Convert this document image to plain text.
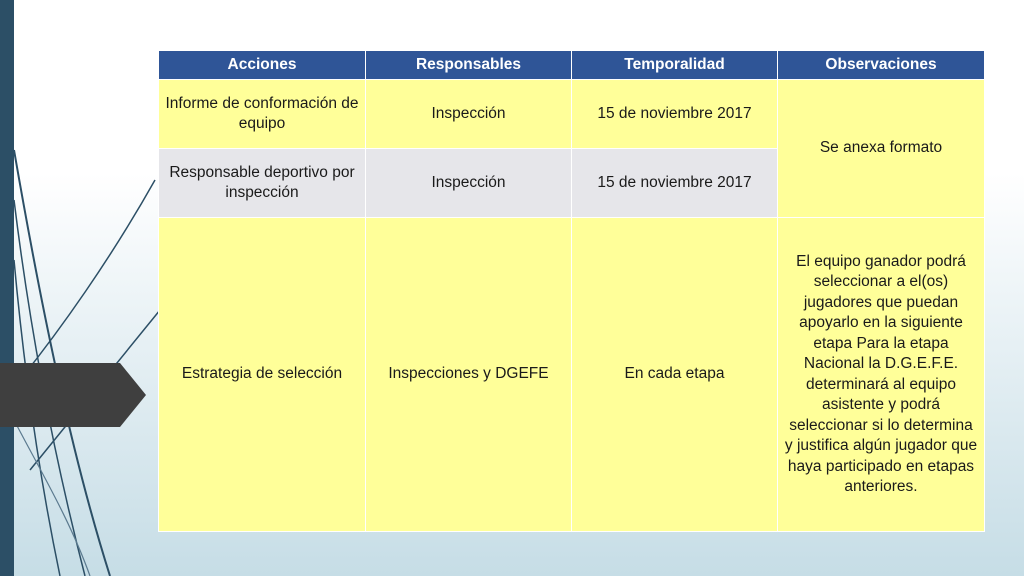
Acciones	Responsables	Temporalidad	Observaciones
Informe de conformación de equipo	Inspección	15 de noviembre 2017	Se anexa formato
Responsable deportivo por inspección	Inspección	15 de noviembre 2017	
Estrategia de selección	Inspecciones y DGEFE	En cada etapa	El equipo ganador podrá seleccionar a el(os) jugadores que puedan apoyarlo en la siguiente etapa Para la etapa Nacional la D.G.E.F.E. determinará al equipo asistente y podrá seleccionar si lo determina y justifica algún jugador que haya participado en etapas anteriores.
